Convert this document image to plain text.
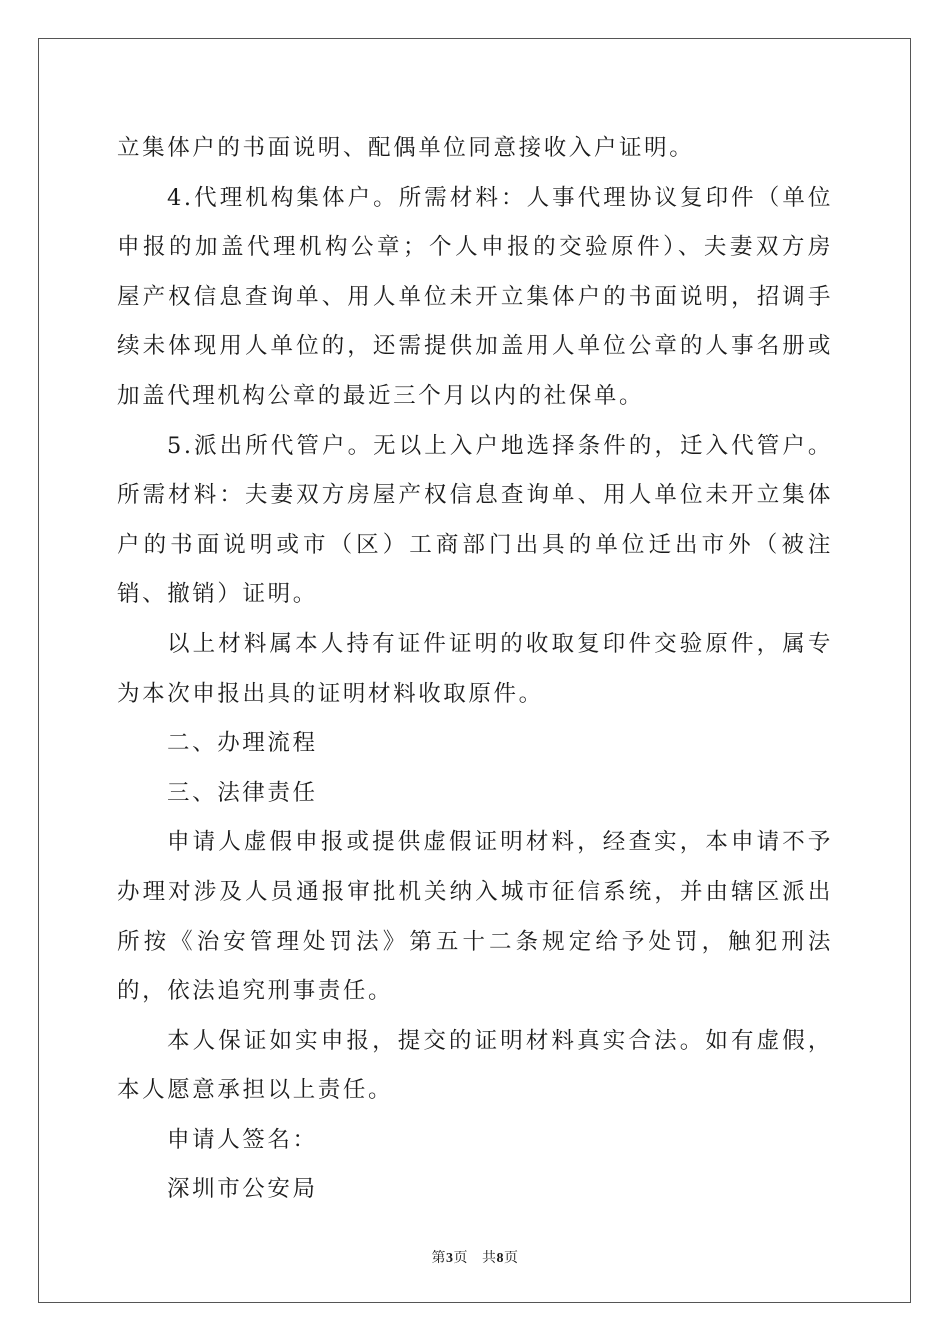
立集体户的书面说明、配偶单位同意接收入户证明。

4.代理机构集体户。所需材料：人事代理协议复印件（单位申报的加盖代理机构公章；个人申报的交验原件）、夫妻双方房屋产权信息查询单、用人单位未开立集体户的书面说明，招调手续未体现用人单位的，还需提供加盖用人单位公章的人事名册或加盖代理机构公章的最近三个月以内的社保单。

5.派出所代管户。无以上入户地选择条件的，迁入代管户。所需材料：夫妻双方房屋产权信息查询单、用人单位未开立集体户的书面说明或市（区）工商部门出具的单位迁出市外（被注销、撤销）证明。

以上材料属本人持有证件证明的收取复印件交验原件，属专为本次申报出具的证明材料收取原件。

二、办理流程

三、法律责任

申请人虚假申报或提供虚假证明材料，经查实，本申请不予办理对涉及人员通报审批机关纳入城市征信系统，并由辖区派出所按《治安管理处罚法》第五十二条规定给予处罚，触犯刑法的，依法追究刑事责任。

本人保证如实申报，提交的证明材料真实合法。如有虚假，本人愿意承担以上责任。

申请人签名：

深圳市公安局

第3页 共8页
